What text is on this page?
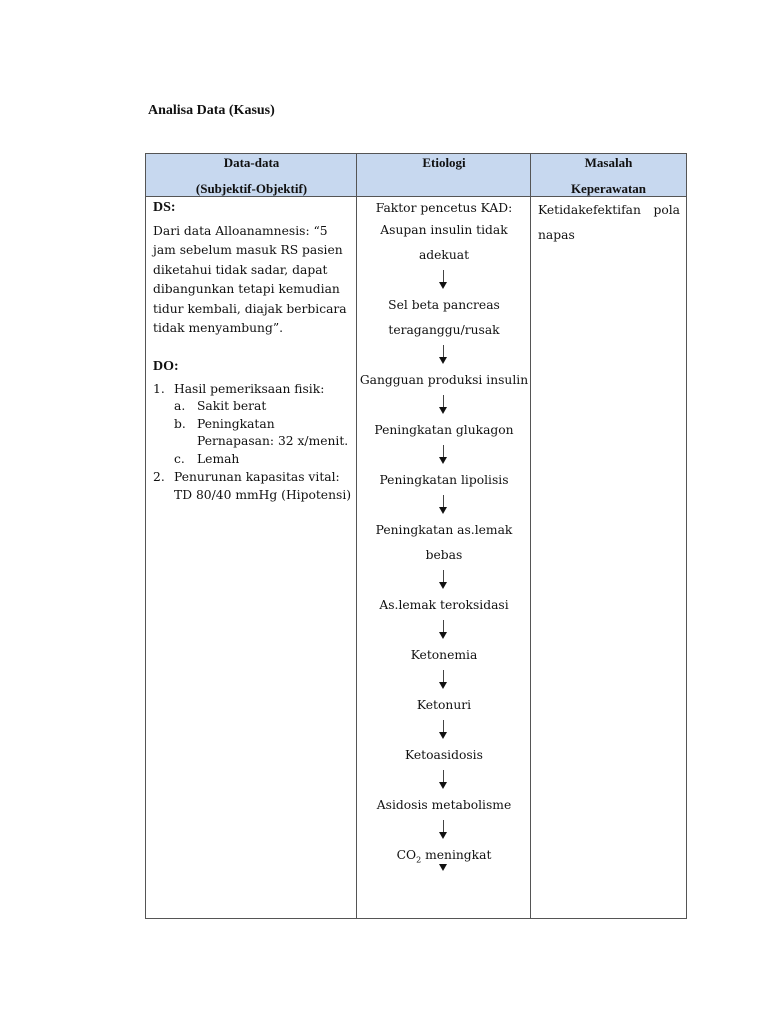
Analisa Data (Kasus)
Data-data
(Subjektif-Objektif)
Etiologi	Masalah
Keperawatan
DS:

Dari data Alloanamnesis: “5 jam sebelum masuk RS pasien diketahui tidak sadar, dapat dibangunkan tetapi kemudian tidur kembali, diajak berbicara tidak menyambung”.

DO:
1. Hasil pemeriksaan fisik:
a. Sakit berat
b. Peningkatan Pernapasan: 32 x/menit.
c. Lemah
2. Penurunan kapasitas vital: TD 80/40 mmHg (Hipotensi)
Faktor pencetus KAD:
Asupan insulin tidak adekuat
Sel beta pancreas teraganggu/rusak
Gangguan produksi insulin
Peningkatan glukagon
Peningkatan lipolisis
Peningkatan as.lemak bebas
As.lemak teroksidasi
Ketonemia
Ketonuri
Ketoasidosis
Asidosis metabolisme
$CO_2$ meningkat
Ketidakefektifan pola napas
